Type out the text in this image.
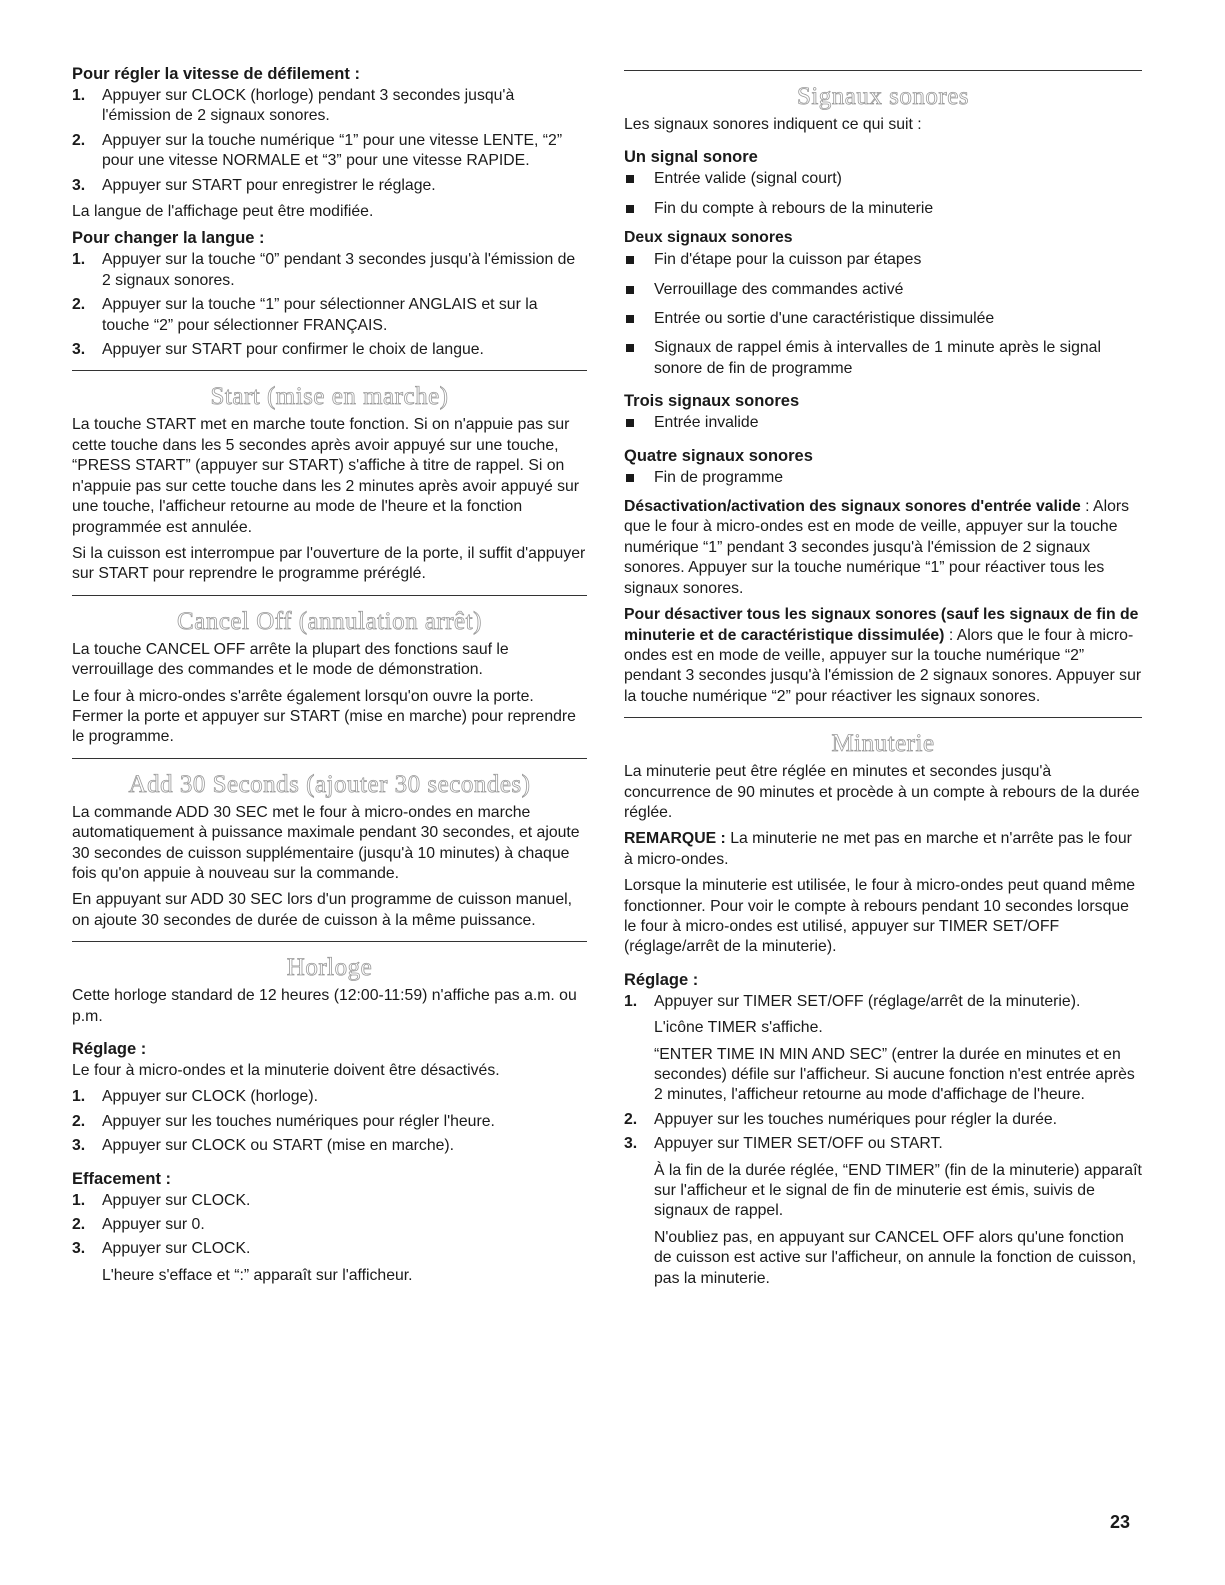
Pour régler la vitesse de défilement :
1. Appuyer sur CLOCK (horloge) pendant 3 secondes jusqu'à l'émission de 2 signaux sonores.
2. Appuyer sur la touche numérique “1” pour une vitesse LENTE, “2” pour une vitesse NORMALE et “3” pour une vitesse RAPIDE.
3. Appuyer sur START pour enregistrer le réglage.

La langue de l'affichage peut être modifiée.

Pour changer la langue :
1. Appuyer sur la touche “0” pendant 3 secondes jusqu'à l'émission de 2 signaux sonores.
2. Appuyer sur la touche “1” pour sélectionner ANGLAIS et sur la touche “2” pour sélectionner FRANÇAIS.
3. Appuyer sur START pour confirmer le choix de langue.
Start (mise en marche)

La touche START met en marche toute fonction. Si on n'appuie pas sur cette touche dans les 5 secondes après avoir appuyé sur une touche, “PRESS START” (appuyer sur START) s'affiche à titre de rappel. Si on n'appuie pas sur cette touche dans les 2 minutes après avoir appuyé sur une touche, l'afficheur retourne au mode de l'heure et la fonction programmée est annulée.

Si la cuisson est interrompue par l'ouverture de la porte, il suffit d'appuyer sur START pour reprendre le programme préréglé.

Cancel Off (annulation arrêt)

La touche CANCEL OFF arrête la plupart des fonctions sauf le verrouillage des commandes et le mode de démonstration.

Le four à micro-ondes s'arrête également lorsqu'on ouvre la porte. Fermer la porte et appuyer sur START (mise en marche) pour reprendre le programme.

Add 30 Seconds (ajouter 30 secondes)

La commande ADD 30 SEC met le four à micro-ondes en marche automatiquement à puissance maximale pendant 30 secondes, et ajoute 30 secondes de cuisson supplémentaire (jusqu'à 10 minutes) à chaque fois qu'on appuie à nouveau sur la commande.

En appuyant sur ADD 30 SEC lors d'un programme de cuisson manuel, on ajoute 30 secondes de durée de cuisson à la même puissance.

Horloge

Cette horloge standard de 12 heures (12:00-11:59) n'affiche pas a.m. ou p.m.

Réglage :

Le four à micro-ondes et la minuterie doivent être désactivés.

1. Appuyer sur CLOCK (horloge).
2. Appuyer sur les touches numériques pour régler l'heure.
3. Appuyer sur CLOCK ou START (mise en marche).
Effacement :
1. Appuyer sur CLOCK.
2. Appuyer sur 0.
3. Appuyer sur CLOCK.
L'heure s'efface et “:” apparaît sur l'afficheur.
Signaux sonores

Les signaux sonores indiquent ce qui suit :

Un signal sonore
Entrée valide (signal court)
Fin du compte à rebours de la minuterie
Deux signaux sonores
Fin d'étape pour la cuisson par étapes
Verrouillage des commandes activé
Entrée ou sortie d'une caractéristique dissimulée
Signaux de rappel émis à intervalles de 1 minute après le signal sonore de fin de programme
Trois signaux sonores
Entrée invalide
Quatre signaux sonores
Fin de programme

Désactivation/activation des signaux sonores d'entrée valide : Alors que le four à micro-ondes est en mode de veille, appuyer sur la touche numérique “1” pendant 3 secondes jusqu'à l'émission de 2 signaux sonores. Appuyer sur la touche numérique “1” pour réactiver tous les signaux sonores.

Pour désactiver tous les signaux sonores (sauf les signaux de fin de minuterie et de caractéristique dissimulée) : Alors que le four à micro-ondes est en mode de veille, appuyer sur la touche numérique “2” pendant 3 secondes jusqu'à l'émission de 2 signaux sonores. Appuyer sur la touche numérique “2” pour réactiver les signaux sonores.

Minuterie

La minuterie peut être réglée en minutes et secondes jusqu'à concurrence de 90 minutes et procède à un compte à rebours de la durée réglée.

REMARQUE : La minuterie ne met pas en marche et n'arrête pas le four à micro-ondes.

Lorsque la minuterie est utilisée, le four à micro-ondes peut quand même fonctionner. Pour voir le compte à rebours pendant 10 secondes lorsque le four à micro-ondes est utilisé, appuyer sur TIMER SET/OFF (réglage/arrêt de la minuterie).

Réglage :
1. Appuyer sur TIMER SET/OFF (réglage/arrêt de la minuterie).
L'icône TIMER s'affiche.
“ENTER TIME IN MIN AND SEC” (entrer la durée en minutes et en secondes) défile sur l'afficheur. Si aucune fonction n'est entrée après 2 minutes, l'afficheur retourne au mode d'affichage de l'heure.
2. Appuyer sur les touches numériques pour régler la durée.
3. Appuyer sur TIMER SET/OFF ou START.
À la fin de la durée réglée, “END TIMER” (fin de la minuterie) apparaît sur l'afficheur et le signal de fin de minuterie est émis, suivis de signaux de rappel.
N'oubliez pas, en appuyant sur CANCEL OFF alors qu'une fonction de cuisson est active sur l'afficheur, on annule la fonction de cuisson, pas la minuterie.
23
